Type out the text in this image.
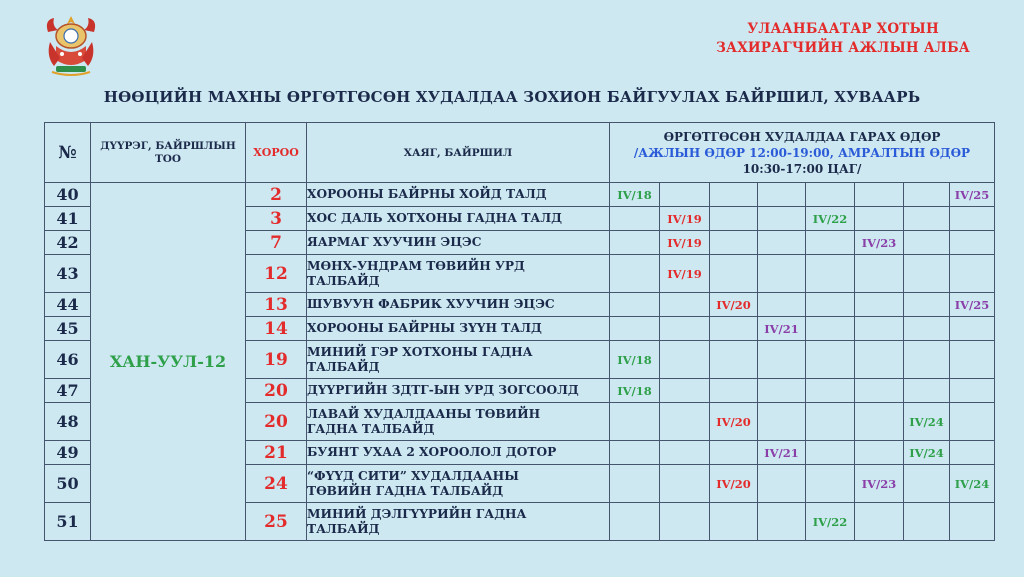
УЛААНБААТАР ХОТЫН
ЗАХИРАГЧИЙН АЖЛЫН АЛБА
НӨӨЦИЙН МАХНЫ ӨРГӨТГӨСӨН ХУДАЛДАА ЗОХИОН БАЙГУУЛАХ БАЙРШИЛ, ХУВААРЬ
№	ДҮҮРЭГ, БАЙРШЛЫН ТОО	ХОРОО	ХАЯГ, БАЙРШИЛ	ӨРГӨТГӨСӨН ХУДАЛДАА ГАРАХ ӨДӨР
/АЖЛЫН ӨДӨР 12:00-19:00, АМРАЛТЫН ӨДӨР
10:30-17:00 ЦАГ/							

40	ХАН-УУЛ-12	2	ХОРООНЫ БАЙРНЫ ХОЙД ТАЛД	IV/18							IV/25
41		3	ХОС ДАЛЬ ХОТХОНЫ ГАДНА ТАЛД		IV/19			IV/22			
42		7	ЯАРМАГ ХУУЧИН ЭЦЭС		IV/19				IV/23		
43		12	МӨНХ-УНДРАМ ТӨВИЙН УРД
ТАЛБАЙД		IV/19						
44		13	ШУВУУН ФАБРИК ХУУЧИН ЭЦЭС			IV/20					IV/25
45		14	ХОРООНЫ БАЙРНЫ ЗҮҮН ТАЛД				IV/21				
46		19	МИНИЙ ГЭР ХОТХОНЫ ГАДНА
ТАЛБАЙД	IV/18							
47		20	ДҮҮРГИЙН ЗДТГ-ЫН УРД ЗОГСООЛД	IV/18							
48		20	ЛАВАЙ ХУДАЛДААНЫ ТӨВИЙН
ГАДНА ТАЛБАЙД			IV/20				IV/24	
49		21	БУЯНТ УХАА 2 ХОРООЛОЛ ДОТОР				IV/21			IV/24	
50		24	“ФҮҮД СИТИ” ХУДАЛДААНЫ
ТӨВИЙН ГАДНА ТАЛБАЙД			IV/20			IV/23		IV/24
51		25	МИНИЙ ДЭЛГҮҮРИЙН ГАДНА
ТАЛБАЙД					IV/22			
